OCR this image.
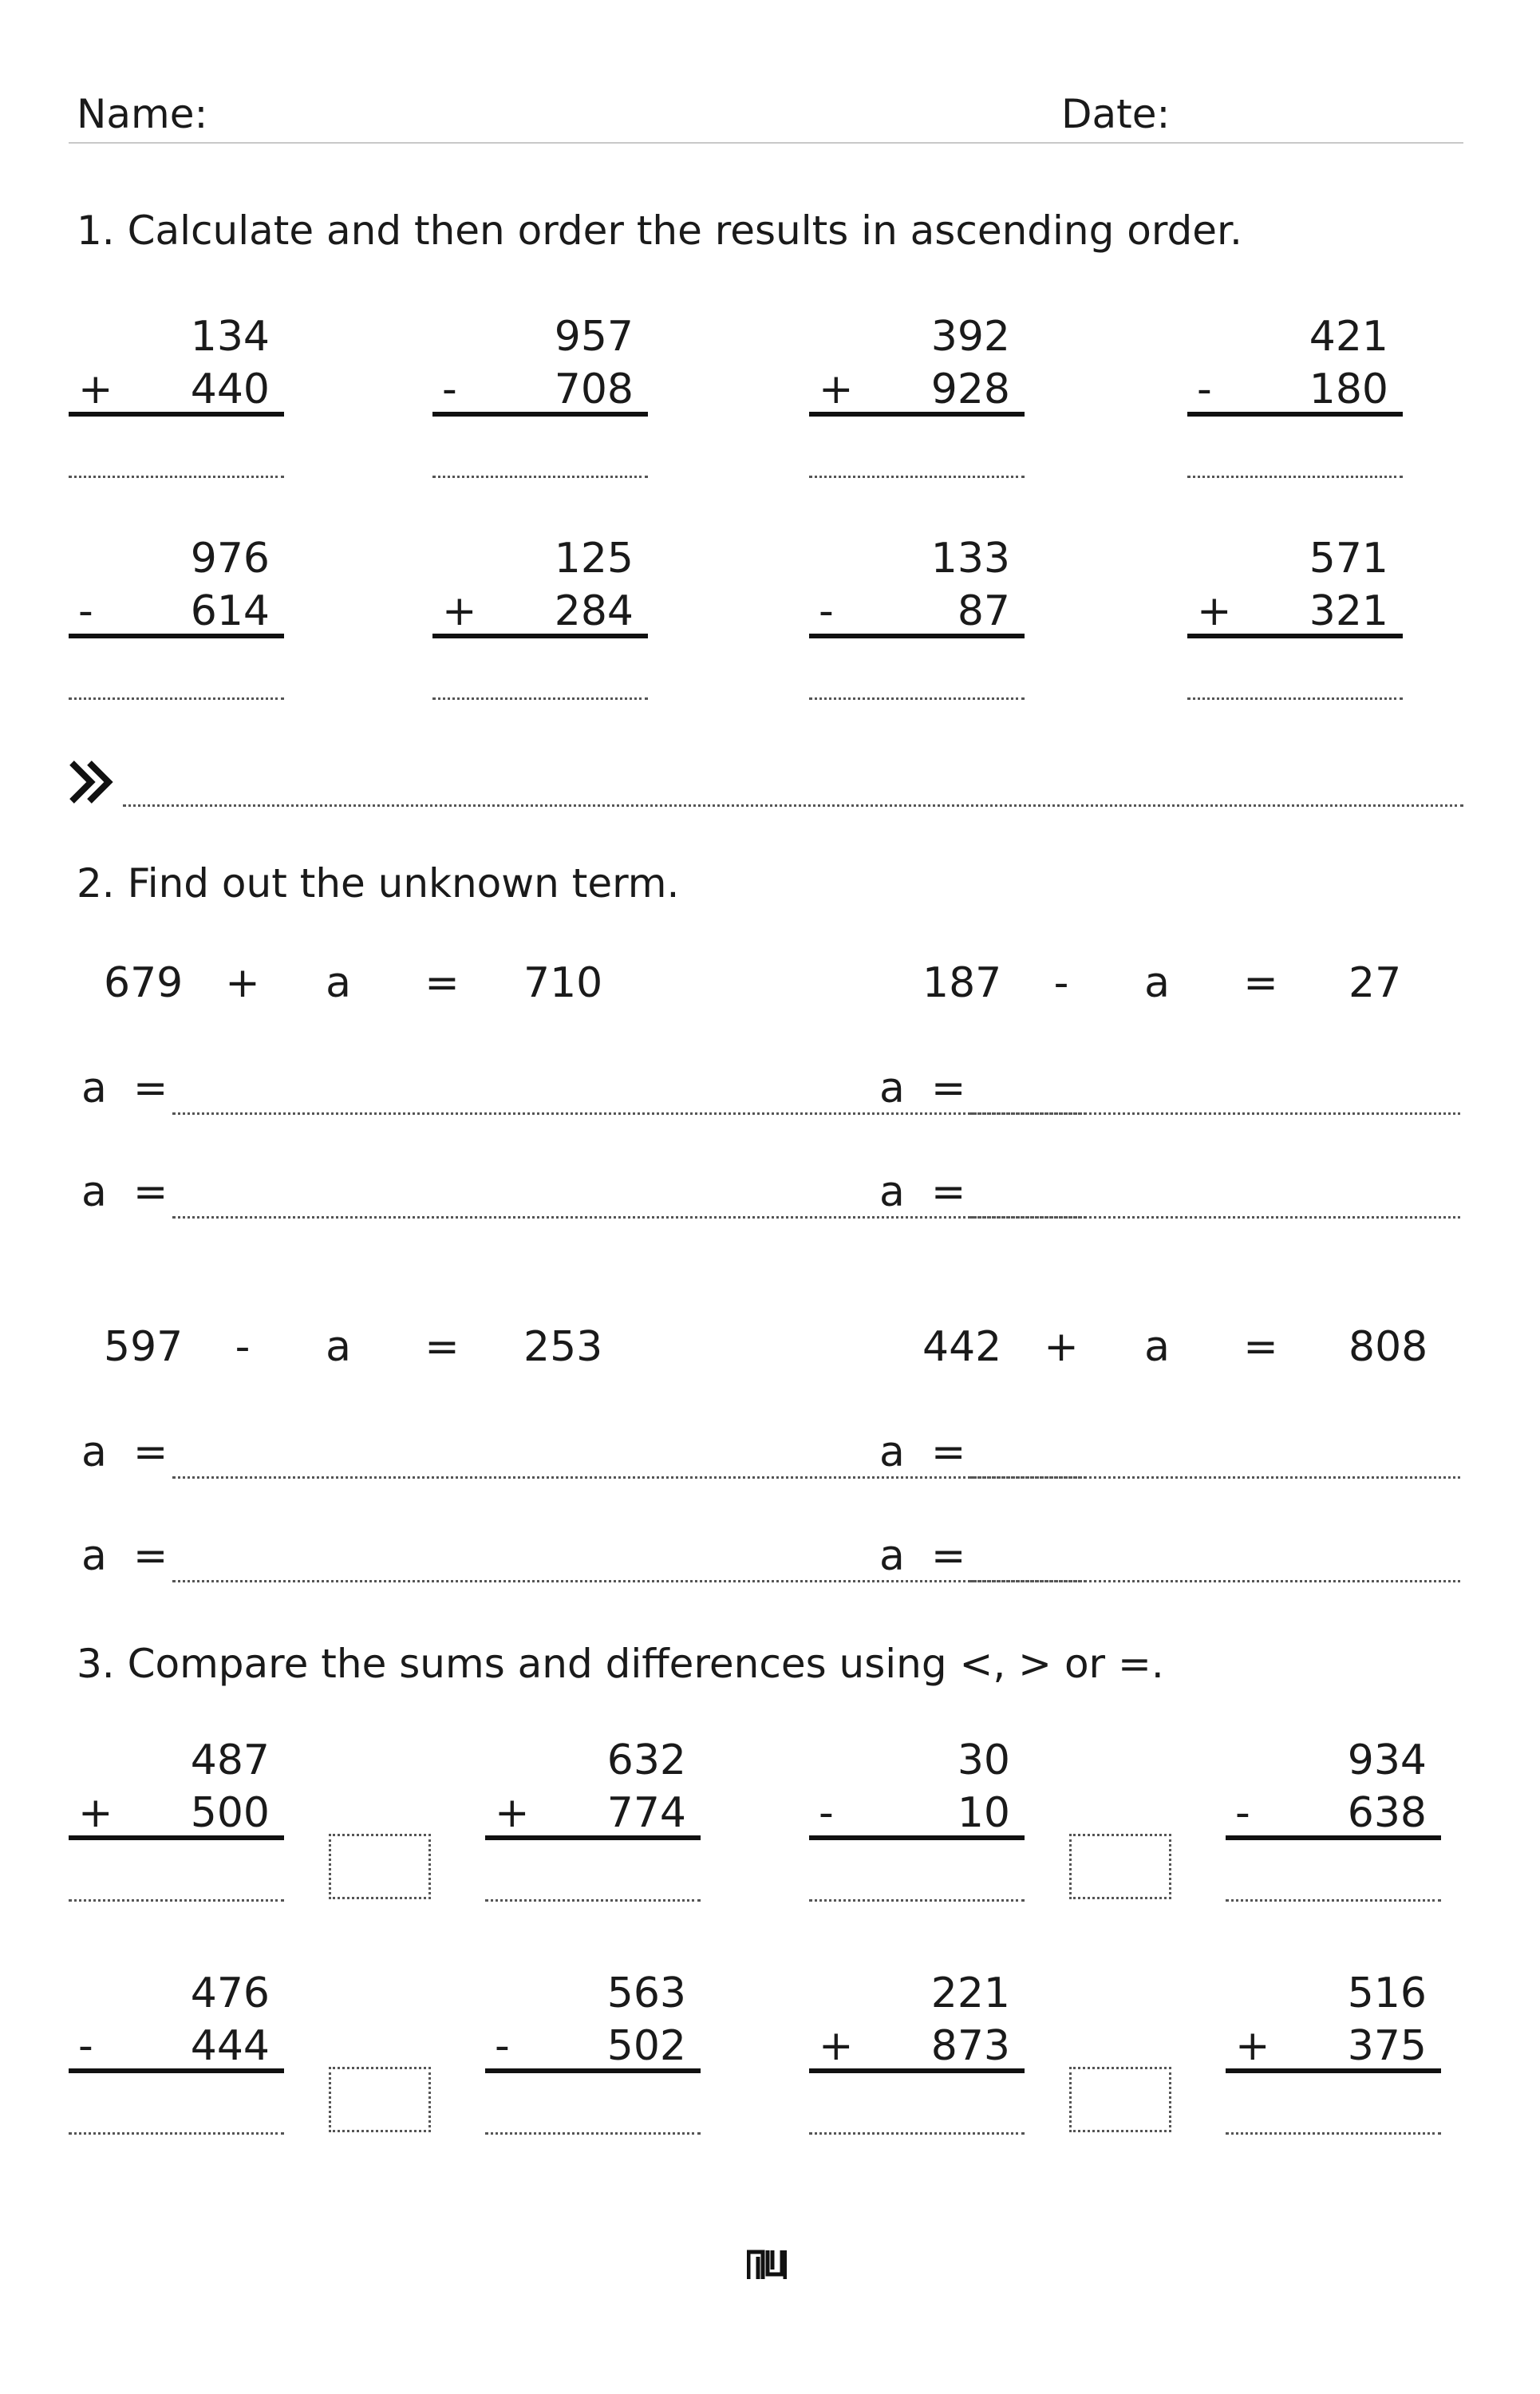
Name:	Date:
1. Calculate and then order the results in ascending order.
134
+	440
957
-	708
392
+	928
421
-	180
976
-	614
125
+	284
133
-	87
571
+	321
2. Find out the unknown term.
679 + a = 710
a  =
a  =
187	-	a = 27
a  =
a  =
597	-	a = 253
a  =
a  =
442 + a = 808
a  =
a  =
3. Compare the sums and differences using <, > or =.
487
+	500
632
+	774
30
-	10
934
-	638
476
-	444
563
-	502
221
+	873
516
+	375
